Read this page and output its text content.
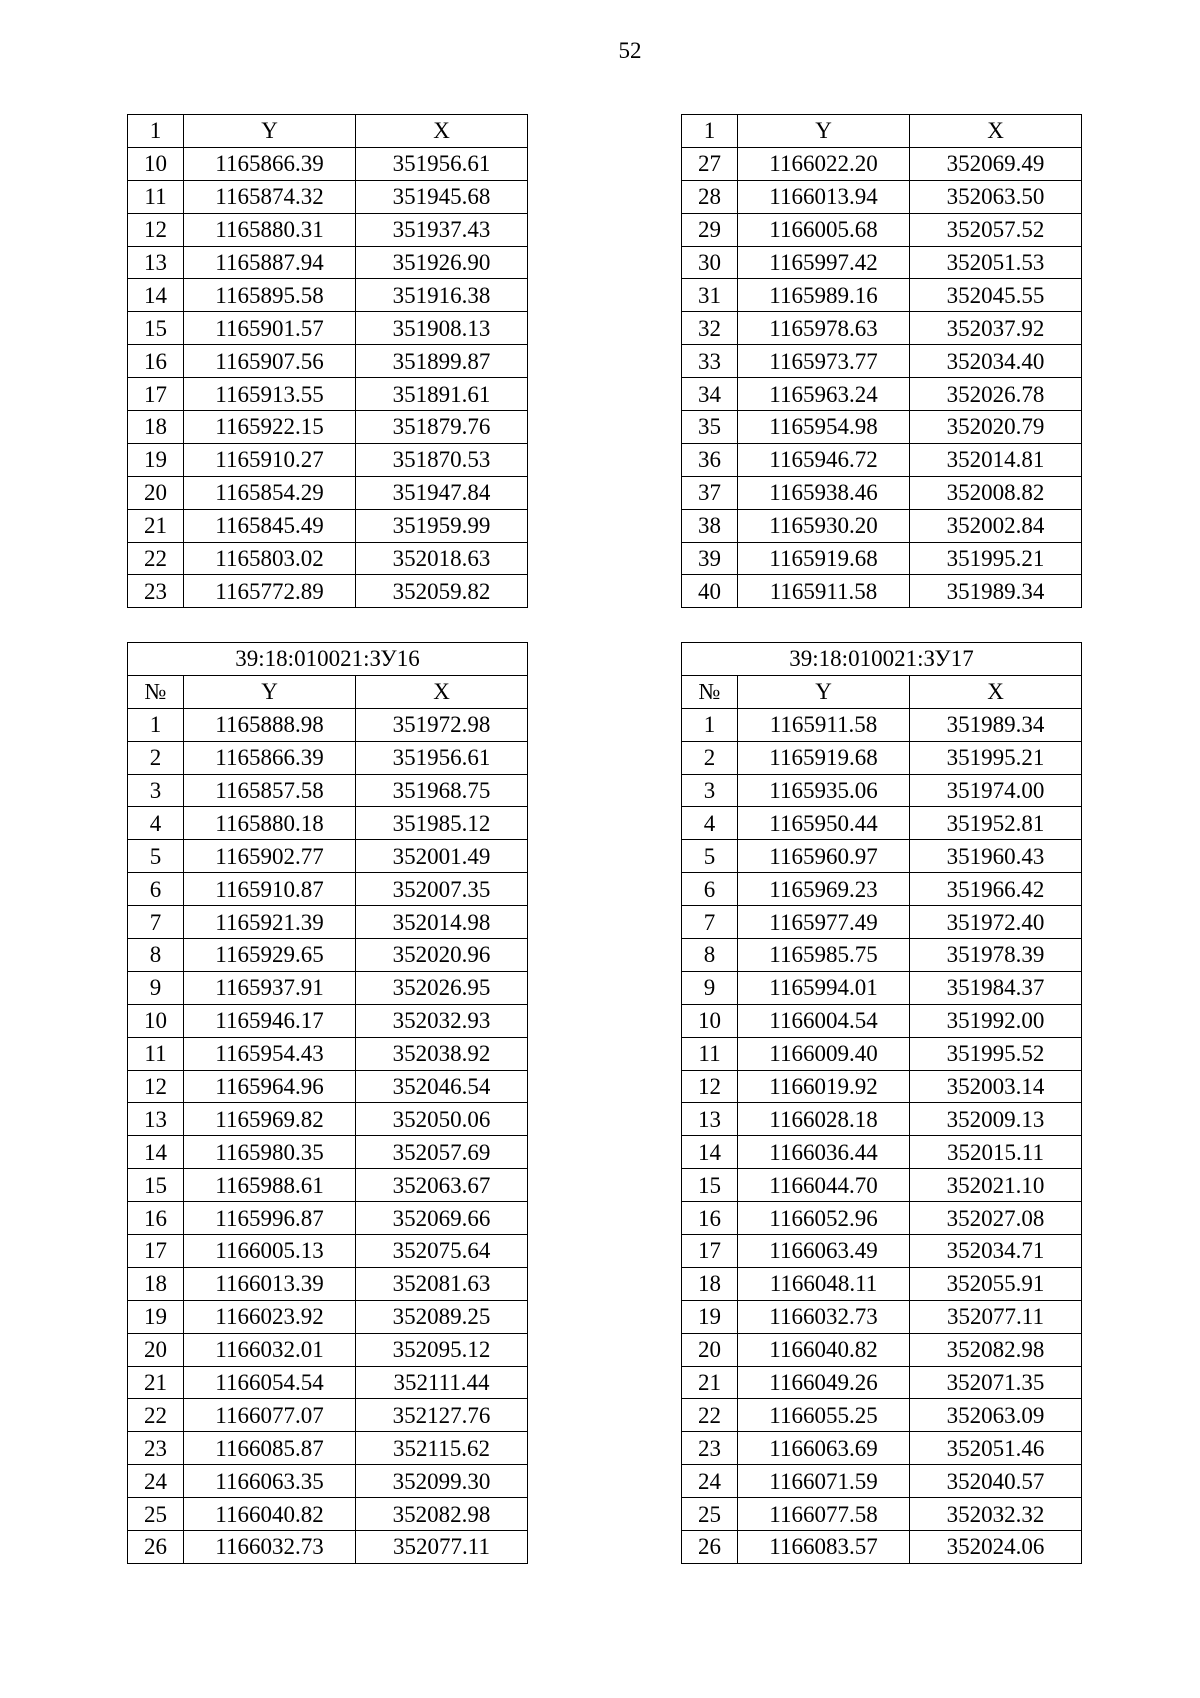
52
1	Y	X
10	1165866.39	351956.61
11	1165874.32	351945.68
12	1165880.31	351937.43
13	1165887.94	351926.90
14	1165895.58	351916.38
15	1165901.57	351908.13
16	1165907.56	351899.87
17	1165913.55	351891.61
18	1165922.15	351879.76
19	1165910.27	351870.53
20	1165854.29	351947.84
21	1165845.49	351959.99
22	1165803.02	352018.63
23	1165772.89	352059.82
1	Y	X
27	1166022.20	352069.49
28	1166013.94	352063.50
29	1166005.68	352057.52
30	1165997.42	352051.53
31	1165989.16	352045.55
32	1165978.63	352037.92
33	1165973.77	352034.40
34	1165963.24	352026.78
35	1165954.98	352020.79
36	1165946.72	352014.81
37	1165938.46	352008.82
38	1165930.20	352002.84
39	1165919.68	351995.21
40	1165911.58	351989.34
39:18:010021:ЗУ16		
№	Y	X
1	1165888.98	351972.98
2	1165866.39	351956.61
3	1165857.58	351968.75
4	1165880.18	351985.12
5	1165902.77	352001.49
6	1165910.87	352007.35
7	1165921.39	352014.98
8	1165929.65	352020.96
9	1165937.91	352026.95
10	1165946.17	352032.93
11	1165954.43	352038.92
12	1165964.96	352046.54
13	1165969.82	352050.06
14	1165980.35	352057.69
15	1165988.61	352063.67
16	1165996.87	352069.66
17	1166005.13	352075.64
18	1166013.39	352081.63
19	1166023.92	352089.25
20	1166032.01	352095.12
21	1166054.54	352111.44
22	1166077.07	352127.76
23	1166085.87	352115.62
24	1166063.35	352099.30
25	1166040.82	352082.98
26	1166032.73	352077.11
39:18:010021:ЗУ17		
№	Y	X
1	1165911.58	351989.34
2	1165919.68	351995.21
3	1165935.06	351974.00
4	1165950.44	351952.81
5	1165960.97	351960.43
6	1165969.23	351966.42
7	1165977.49	351972.40
8	1165985.75	351978.39
9	1165994.01	351984.37
10	1166004.54	351992.00
11	1166009.40	351995.52
12	1166019.92	352003.14
13	1166028.18	352009.13
14	1166036.44	352015.11
15	1166044.70	352021.10
16	1166052.96	352027.08
17	1166063.49	352034.71
18	1166048.11	352055.91
19	1166032.73	352077.11
20	1166040.82	352082.98
21	1166049.26	352071.35
22	1166055.25	352063.09
23	1166063.69	352051.46
24	1166071.59	352040.57
25	1166077.58	352032.32
26	1166083.57	352024.06
